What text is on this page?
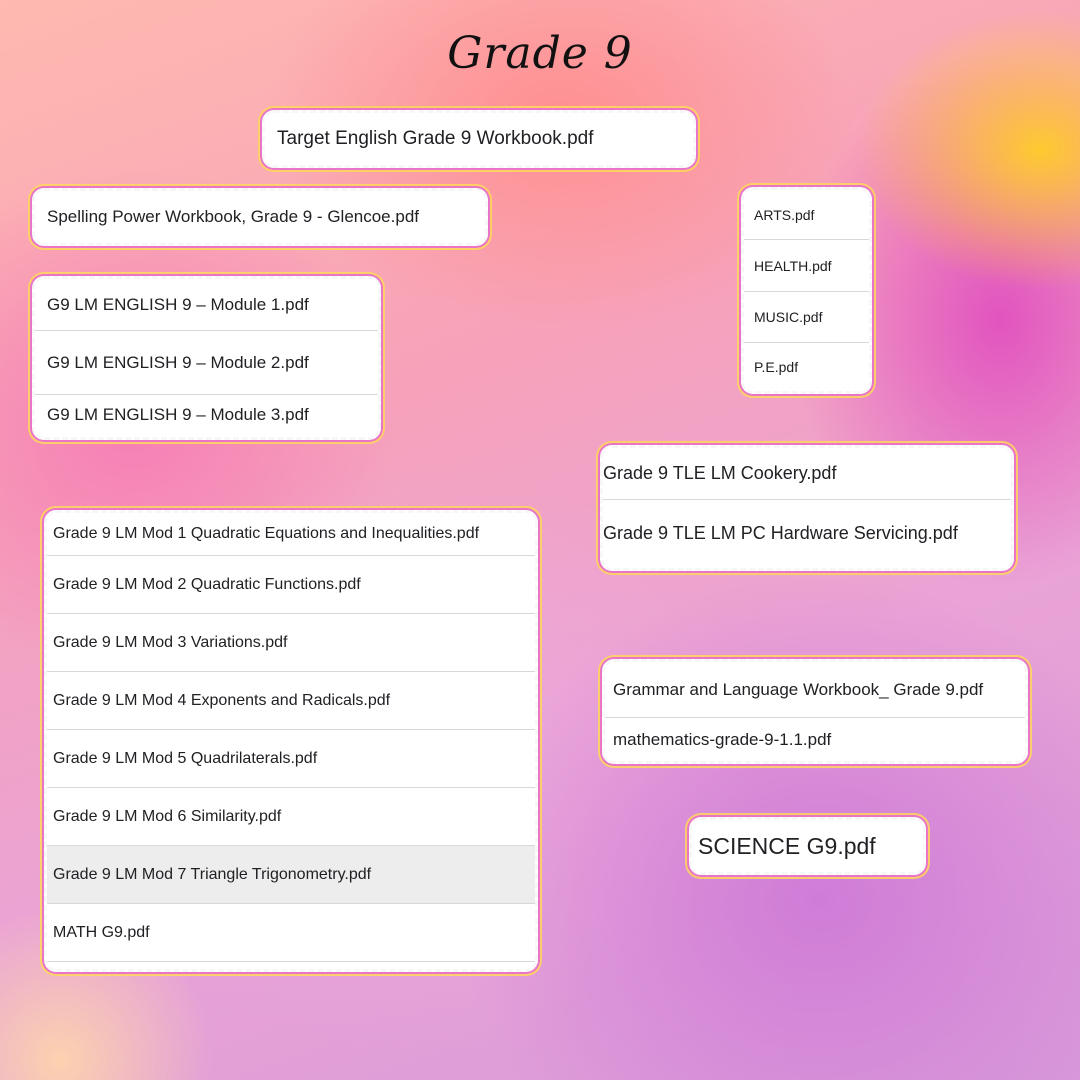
Grade 9
Target English Grade 9 Workbook.pdf
Spelling Power Workbook, Grade 9 - Glencoe.pdf
G9 LM ENGLISH 9 – Module 1.pdf
G9 LM ENGLISH 9 – Module 2.pdf
G9 LM ENGLISH 9 – Module 3.pdf
ARTS.pdf
HEALTH.pdf
MUSIC.pdf
P.E.pdf
Grade 9 TLE LM Cookery.pdf
Grade 9 TLE LM PC Hardware Servicing.pdf
Grade 9 LM Mod 1 Quadratic Equations and Inequalities.pdf
Grade 9 LM Mod 2 Quadratic Functions.pdf
Grade 9 LM Mod 3 Variations.pdf
Grade 9 LM Mod 4 Exponents and Radicals.pdf
Grade 9 LM Mod 5 Quadrilaterals.pdf
Grade 9 LM Mod 6 Similarity.pdf
Grade 9 LM Mod 7 Triangle Trigonometry.pdf
MATH G9.pdf
Grammar and Language Workbook_ Grade 9.pdf
mathematics-grade-9-1.1.pdf
SCIENCE G9.pdf
